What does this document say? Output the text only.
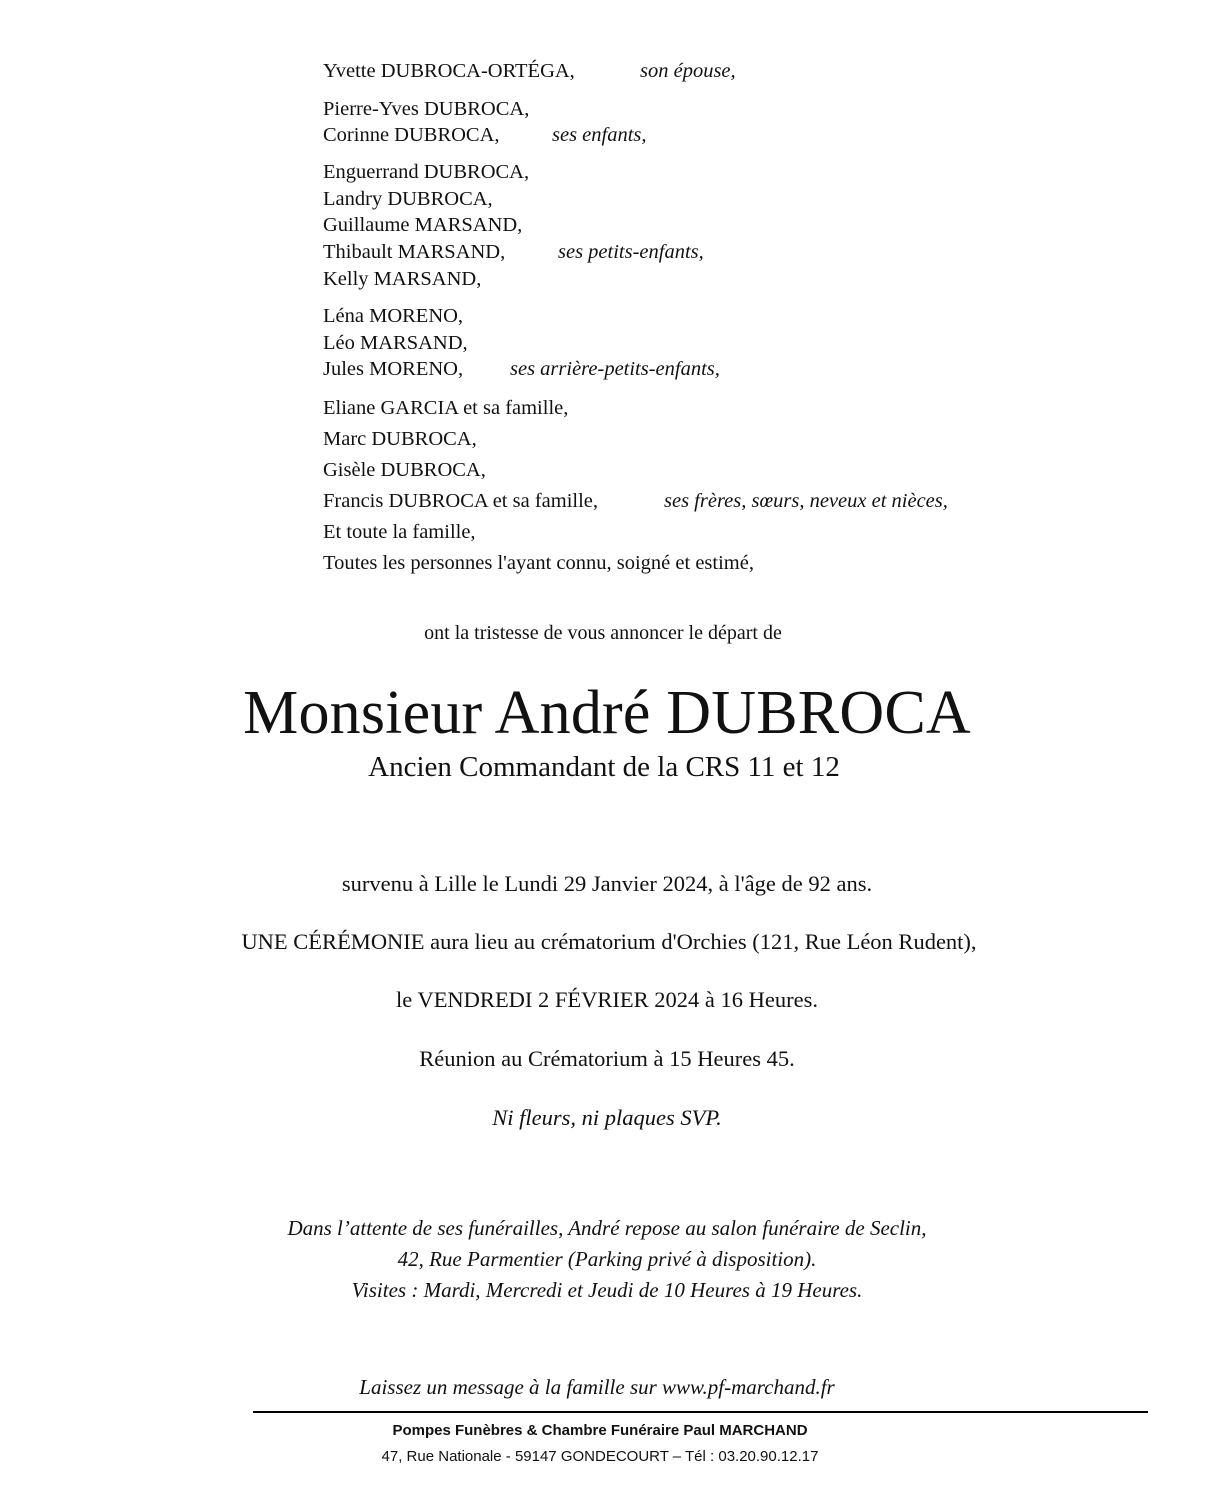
Yvette DUBROCA-ORTÉGA,	son épouse,
Pierre-Yves DUBROCA,
Corinne DUBROCA,	ses enfants,
Enguerrand DUBROCA,
Landry DUBROCA,
Guillaume MARSAND,
Thibault MARSAND,	ses petits-enfants,
Kelly MARSAND,
Léna MORENO,
Léo MARSAND,
Jules MORENO, ses arrière-petits-enfants,
Eliane GARCIA et sa famille,
Marc DUBROCA,
Gisèle DUBROCA,
Francis DUBROCA et sa famille,	ses frères, sœurs, neveux et nièces,
Et toute la famille,
Toutes les personnes l'ayant connu, soigné et estimé,
ont la tristesse de vous annoncer le départ de
Monsieur André DUBROCA
Ancien Commandant de la CRS 11 et 12
survenu à Lille le Lundi 29 Janvier 2024, à l'âge de 92 ans.
UNE CÉRÉMONIE aura lieu au crématorium d'Orchies (121, Rue Léon Rudent),
le VENDREDI 2 FÉVRIER 2024 à 16 Heures.
Réunion au Crématorium à 15 Heures 45.
Ni fleurs, ni plaques SVP.
Dans l’attente de ses funérailles, André repose au salon funéraire de Seclin,
42, Rue Parmentier (Parking privé à disposition).
Visites : Mardi, Mercredi et Jeudi de 10 Heures à 19 Heures.
Laissez un message à la famille sur www.pf-marchand.fr
Pompes Funèbres & Chambre Funéraire Paul MARCHAND
47, Rue Nationale - 59147 GONDECOURT – Tél : 03.20.90.12.17
